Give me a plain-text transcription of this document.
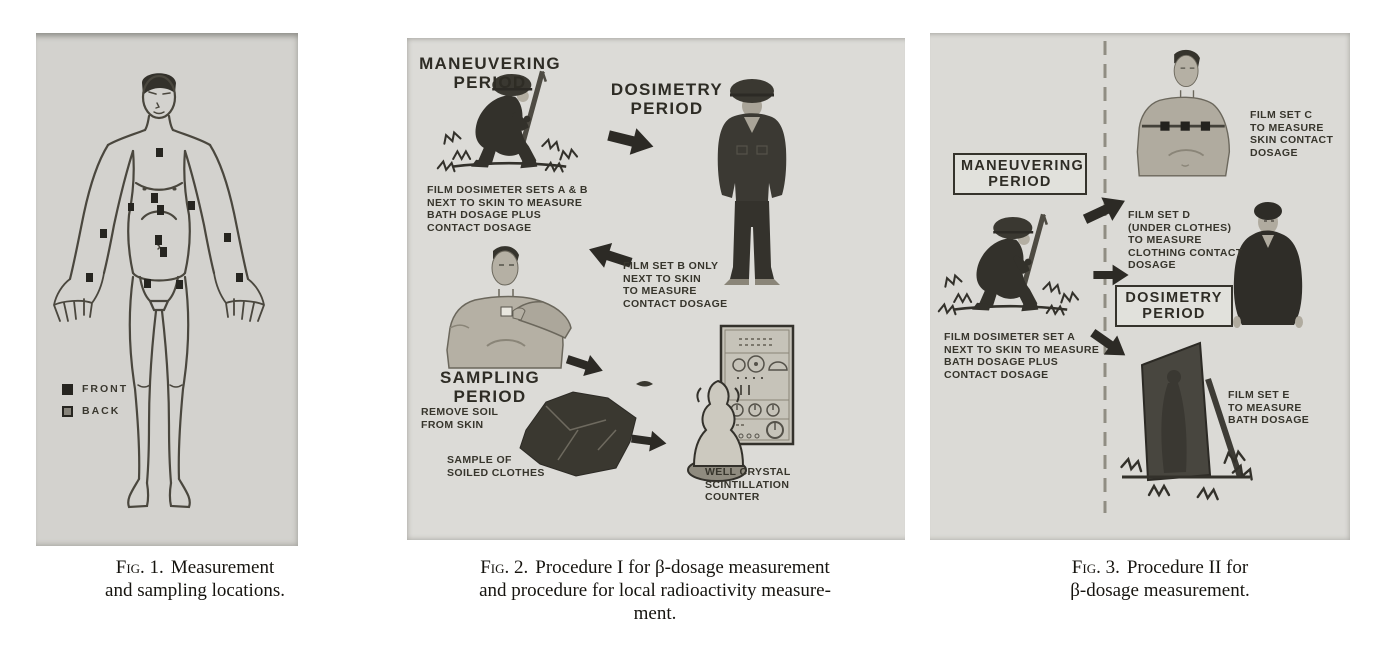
FRONT
BACK
MANEUVERING
PERIOD	DOSIMETRY
PERIOD
FILM DOSIMETER SETS A & B
NEXT TO SKIN TO MEASURE
BATH DOSAGE PLUS
CONTACT DOSAGE
FILM SET B ONLY
NEXT TO SKIN
TO MEASURE
CONTACT DOSAGE
SAMPLING
PERIOD
REMOVE SOIL
FROM SKIN
SAMPLE OF
SOILED CLOTHES	WELL CRYSTAL
SCINTILLATION
COUNTER
MANEUVERING
PERIOD
FILM SET C
TO MEASURE
SKIN CONTACT
DOSAGE
FILM SET D
(UNDER CLOTHES)
TO MEASURE
CLOTHING CONTACT
DOSAGE
DOSIMETRY
PERIOD
FILM DOSIMETER SET A
NEXT TO SKIN TO MEASURE
BATH DOSAGE PLUS
CONTACT DOSAGE
FILM SET E
TO MEASURE
BATH DOSAGE
Fig. 1. Measurement
and sampling locations.
Fig. 2. Procedure I for β-dosage measurement
and procedure for local radioactivity measure-
ment.
Fig. 3. Procedure II for
β-dosage measurement.
